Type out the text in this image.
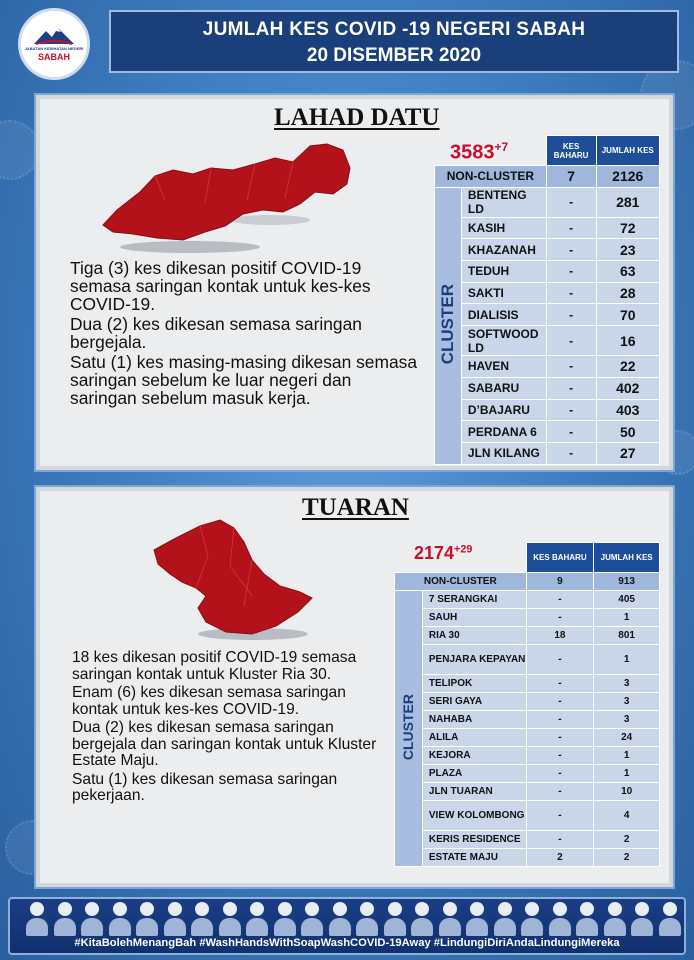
JABATAN KESIHATAN NEGERI
SABAH
JUMLAH KES COVID -19 NEGERI SABAH
20 DISEMBER 2020
LAHAD DATU

Tiga (3) kes dikesan positif COVID-19 semasa saringan kontak untuk kes-kes COVID-19.

Dua (2) kes dikesan semasa saringan bergejala.

Satu (1) kes masing-masing dikesan semasa saringan sebelum ke luar negeri dan saringan sebelum masuk kerja.

$3583^{+7}$
			KES BAHARU	JUMLAH KES
NON-CLUSTER		7	2126
CLUSTER	BENTENG LD	-	281
	KASIH	-	72
	KHAZANAH	-	23
	TEDUH	-	63
	SAKTI	-	28
	DIALISIS	-	70
	SOFTWOOD LD	-	16
	HAVEN	-	22
	SABARU	-	402
	D’BAJARU	-	403
	PERDANA 6	-	50
	JLN KILANG	-	27
TUARAN

18 kes dikesan positif COVID-19 semasa saringan kontak untuk Kluster Ria 30.

Enam (6) kes dikesan semasa saringan kontak untuk kes-kes COVID-19.

Dua (2) kes dikesan semasa saringan bergejala dan saringan kontak untuk Kluster Estate Maju.

Satu (1) kes dikesan semasa saringan pekerjaan.

$2174^{+29}$
		KES BAHARU	JUMLAH KES
NON-CLUSTER		9	913
CLUSTER	7 SERANGKAI	-	405
	SAUH	-	1
	RIA 30	18	801
	PENJARA KEPAYAN	-	1
	TELIPOK	-	3
	SERI GAYA	-	3
	NAHABA	-	3
	ALILA	-	24
	KEJORA	-	1
	PLAZA	-	1
	JLN TUARAN	-	10
	VIEW KOLOMBONG	-	4
	KERIS RESIDENCE	-	2
	ESTATE MAJU	2	2
#KitaBolehMenangBah #WashHandsWithSoapWashCOVID-19Away #LindungiDiriAndaLindungiMereka
